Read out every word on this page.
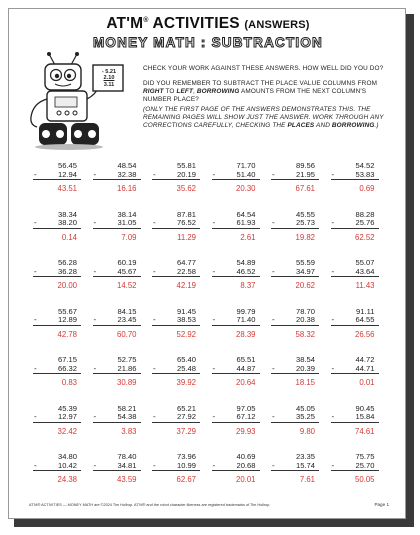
AT'M® ACTIVITIES (ANSWERS)
MONEY MATH : SUBTRACTION
- 5.21
2.10
3.11
CHECK YOUR WORK AGAINST THESE ANSWERS. HOW WELL DID YOU DO?
DID YOU REMEMBER TO SUBTRACT THE PLACE VALUE COLUMNS FROM RIGHT TO LEFT, BORROWING AMOUNTS FROM THE NEXT COLUMN'S NUMBER PLACE?
(ONLY THE FIRST PAGE OF THE ANSWERS DEMONSTRATES THIS. THE REMAINING PAGES WILL SHOW JUST THE ANSWER. WORK THROUGH ANY CORRECTIONS CAREFULLY, CHECKING THE PLACES AND BORROWING.)
56.45
-	12.94
43.51
48.54
-	32.38
16.16
55.81
-	20.19
35.62
71.70
-	51.40
20.30
89.56
-	21.95
67.61
54.52
-	53.83
0.69
38.34
-	38.20
0.14
38.14
-	31.05
7.09
87.81
-	76.52
11.29
64.54
-	61.93
2.61
45.55
-	25.73
19.82
88.28
-	25.76
62.52
56.28
-	36.28
20.00
60.19
-	45.67
14.52
64.77
-	22.58
42.19
54.89
-	46.52
8.37
55.59
-	34.97
20.62
55.07
-	43.64
11.43
55.67
-	12.89
42.78
84.15
-	23.45
60.70
91.45
-	38.53
52.92
99.79
-	71.40
28.39
78.70
-	20.38
58.32
91.11
-	64.55
26.56
67.15
-	66.32
0.83
52.75
-	21.86
30.89
65.40
-	25.48
39.92
65.51
-	44.87
20.64
38.54
-	20.39
18.15
44.72
-	44.71
0.01
45.39
-	12.97
32.42
58.21
-	54.38
3.83
65.21
-	27.92
37.29
97.05
-	67.12
29.93
45.05
-	35.25
9.80
90.45
-	15.84
74.61
34.80
-	10.42
24.38
78.40
-	34.81
43.59
73.96
-	10.99
62.67
40.69
-	20.68
20.01
23.35
-	15.74
7.61
75.75
-	25.70
50.05
AT'M® ACTIVITIES — MONEY MATH are ©2024 Tim Hollrop. AT'M® and the robot character likeness are registered trademarks of Tim Hollrop.	Page 1
